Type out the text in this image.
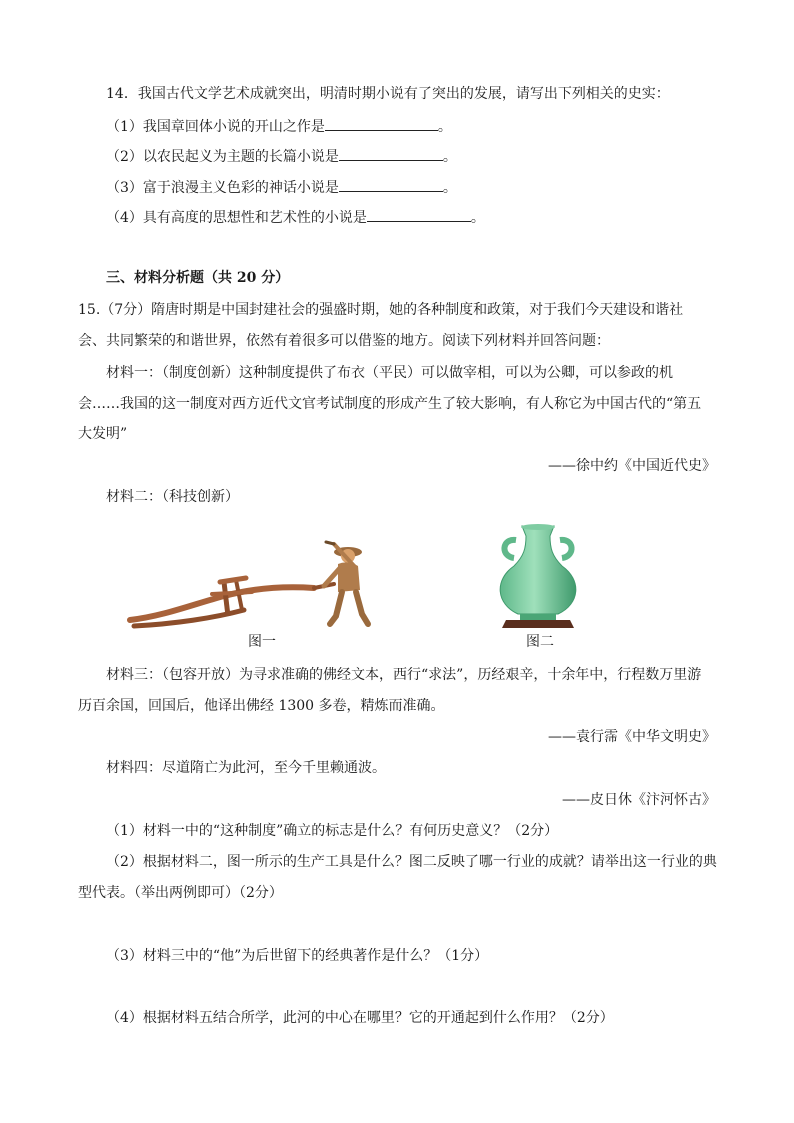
14．我国古代文学艺术成就突出，明清时期小说有了突出的发展，请写出下列相关的史实：
（1）我国章回体小说的开山之作是	。
（2）以农民起义为主题的长篇小说是	。
（3）富于浪漫主义色彩的神话小说是	。
（4）具有高度的思想性和艺术性的小说是	。
三、材料分析题（共 20 分）
15.（7分）隋唐时期是中国封建社会的强盛时期，她的各种制度和政策，对于我们今天建设和谐社
会、共同繁荣的和谐世界，依然有着很多可以借鉴的地方。阅读下列材料并回答问题：
材料一：（制度创新）这种制度提供了布衣（平民）可以做宰相，可以为公卿，可以参政的机
会……我国的这一制度对西方近代文官考试制度的形成产生了较大影响，有人称它为中国古代的“第五
大发明”
——徐中约《中国近代史》
材料二：（科技创新）
图一	图二
材料三：（包容开放）为寻求准确的佛经文本，西行“求法”，历经艰辛，十余年中，行程数万里游
历百余国，回国后，他译出佛经 1300 多卷，精炼而准确。
——袁行霈《中华文明史》
材料四：尽道隋亡为此河，至今千里赖通波。
——皮日休《汴河怀古》
（1）材料一中的“这种制度”确立的标志是什么？有何历史意义？（2分）
（2）根据材料二，图一所示的生产工具是什么？图二反映了哪一行业的成就？请举出这一行业的典
型代表。（举出两例即可）（2分）
（3）材料三中的“他”为后世留下的经典著作是什么？（1分）
（4）根据材料五结合所学，此河的中心在哪里？它的开通起到什么作用？（2分）
